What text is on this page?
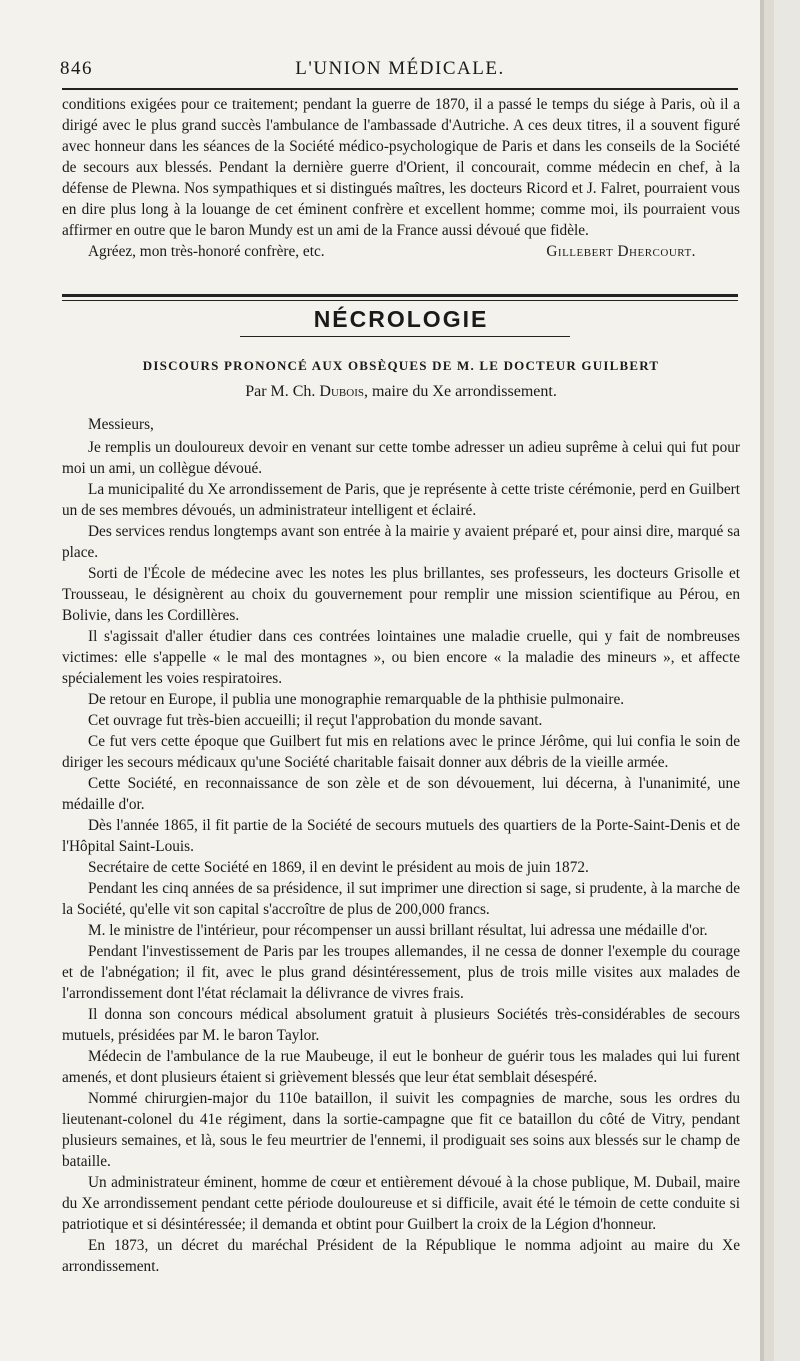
846	L'UNION MÉDICALE.

conditions exigées pour ce traitement; pendant la guerre de 1870, il a passé le temps du siége à Paris, où il a dirigé avec le plus grand succès l'ambulance de l'ambassade d'Autriche. A ces deux titres, il a souvent figuré avec honneur dans les séances de la Société médico-psychologique de Paris et dans les conseils de la Société de secours aux blessés. Pendant la dernière guerre d'Orient, il concourait, comme médecin en chef, à la défense de Plewna. Nos sympathiques et si distingués maîtres, les docteurs Ricord et J. Falret, pourraient vous en dire plus long à la louange de cet éminent confrère et excellent homme; comme moi, ils pourraient vous affirmer en outre que le baron Mundy est un ami de la France aussi dévoué que fidèle.

Agréez, mon très-honoré confrère, etc.	Gillebert Dhercourt.

NÉCROLOGIE
DISCOURS PRONONCÉ AUX OBSÈQUES DE M. LE DOCTEUR GUILBERT
Par M. Ch. Dubois, maire du Xe arrondissement.

Messieurs,

Je remplis un douloureux devoir en venant sur cette tombe adresser un adieu suprême à celui qui fut pour moi un ami, un collègue dévoué.

La municipalité du Xe arrondissement de Paris, que je représente à cette triste cérémonie, perd en Guilbert un de ses membres dévoués, un administrateur intelligent et éclairé.

Des services rendus longtemps avant son entrée à la mairie y avaient préparé et, pour ainsi dire, marqué sa place.

Sorti de l'École de médecine avec les notes les plus brillantes, ses professeurs, les docteurs Grisolle et Trousseau, le désignèrent au choix du gouvernement pour remplir une mission scientifique au Pérou, en Bolivie, dans les Cordillères.

Il s'agissait d'aller étudier dans ces contrées lointaines une maladie cruelle, qui y fait de nombreuses victimes: elle s'appelle « le mal des montagnes », ou bien encore « la maladie des mineurs », et affecte spécialement les voies respiratoires.

De retour en Europe, il publia une monographie remarquable de la phthisie pulmonaire.

Cet ouvrage fut très-bien accueilli; il reçut l'approbation du monde savant.

Ce fut vers cette époque que Guilbert fut mis en relations avec le prince Jérôme, qui lui confia le soin de diriger les secours médicaux qu'une Société charitable faisait donner aux débris de la vieille armée.

Cette Société, en reconnaissance de son zèle et de son dévouement, lui décerna, à l'unanimité, une médaille d'or.

Dès l'année 1865, il fit partie de la Société de secours mutuels des quartiers de la Porte-Saint-Denis et de l'Hôpital Saint-Louis.

Secrétaire de cette Société en 1869, il en devint le président au mois de juin 1872.

Pendant les cinq années de sa présidence, il sut imprimer une direction si sage, si prudente, à la marche de la Société, qu'elle vit son capital s'accroître de plus de 200,000 francs.

M. le ministre de l'intérieur, pour récompenser un aussi brillant résultat, lui adressa une médaille d'or.

Pendant l'investissement de Paris par les troupes allemandes, il ne cessa de donner l'exemple du courage et de l'abnégation; il fit, avec le plus grand désintéressement, plus de trois mille visites aux malades de l'arrondissement dont l'état réclamait la délivrance de vivres frais.

Il donna son concours médical absolument gratuit à plusieurs Sociétés très-considérables de secours mutuels, présidées par M. le baron Taylor.

Médecin de l'ambulance de la rue Maubeuge, il eut le bonheur de guérir tous les malades qui lui furent amenés, et dont plusieurs étaient si grièvement blessés que leur état semblait désespéré.

Nommé chirurgien-major du 110e bataillon, il suivit les compagnies de marche, sous les ordres du lieutenant-colonel du 41e régiment, dans la sortie-campagne que fit ce bataillon du côté de Vitry, pendant plusieurs semaines, et là, sous le feu meurtrier de l'ennemi, il prodiguait ses soins aux blessés sur le champ de bataille.

Un administrateur éminent, homme de cœur et entièrement dévoué à la chose publique, M. Dubail, maire du Xe arrondissement pendant cette période douloureuse et si difficile, avait été le témoin de cette conduite si patriotique et si désintéressée; il demanda et obtint pour Guilbert la croix de la Légion d'honneur.

En 1873, un décret du maréchal Président de la République le nomma adjoint au maire du Xe arrondissement.
